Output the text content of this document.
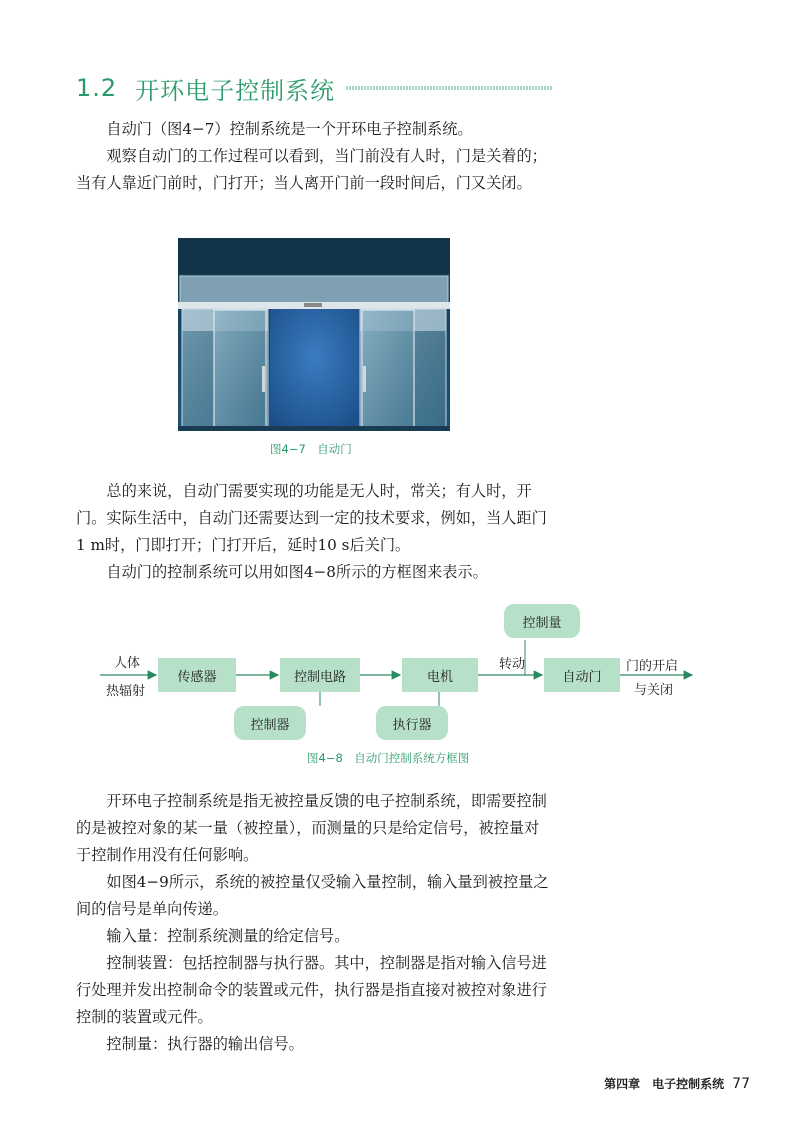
1.2 开环电子控制系统

自动门（图4−7）控制系统是一个开环电子控制系统。

观察自动门的工作过程可以看到，当门前没有人时，门是关着的；当有人靠近门前时，门打开；当人离开门前一段时间后，门又关闭。

图4−7　自动门

总的来说，自动门需要实现的功能是无人时，常关；有人时，开门。实际生活中，自动门还需要达到一定的技术要求，例如，当人距门1 m时，门即打开；门打开后，延时10 s后关门。

自动门的控制系统可以用如图4−8所示的方框图来表示。

人体
热辐射
传感器	控制电路	电机	自动门
转动	门的开启
与关闭
控制量
控制器	执行器
图4−8　自动门控制系统方框图

开环电子控制系统是指无被控量反馈的电子控制系统，即需要控制的是被控对象的某一量（被控量），而测量的只是给定信号，被控量对于控制作用没有任何影响。

如图4−9所示，系统的被控量仅受输入量控制，输入量到被控量之间的信号是单向传递。

输入量：控制系统测量的给定信号。

控制装置：包括控制器与执行器。其中，控制器是指对输入信号进行处理并发出控制命令的装置或元件，执行器是指直接对被控对象进行控制的装置或元件。

控制量：执行器的输出信号。

第四章　电子控制系统 77
